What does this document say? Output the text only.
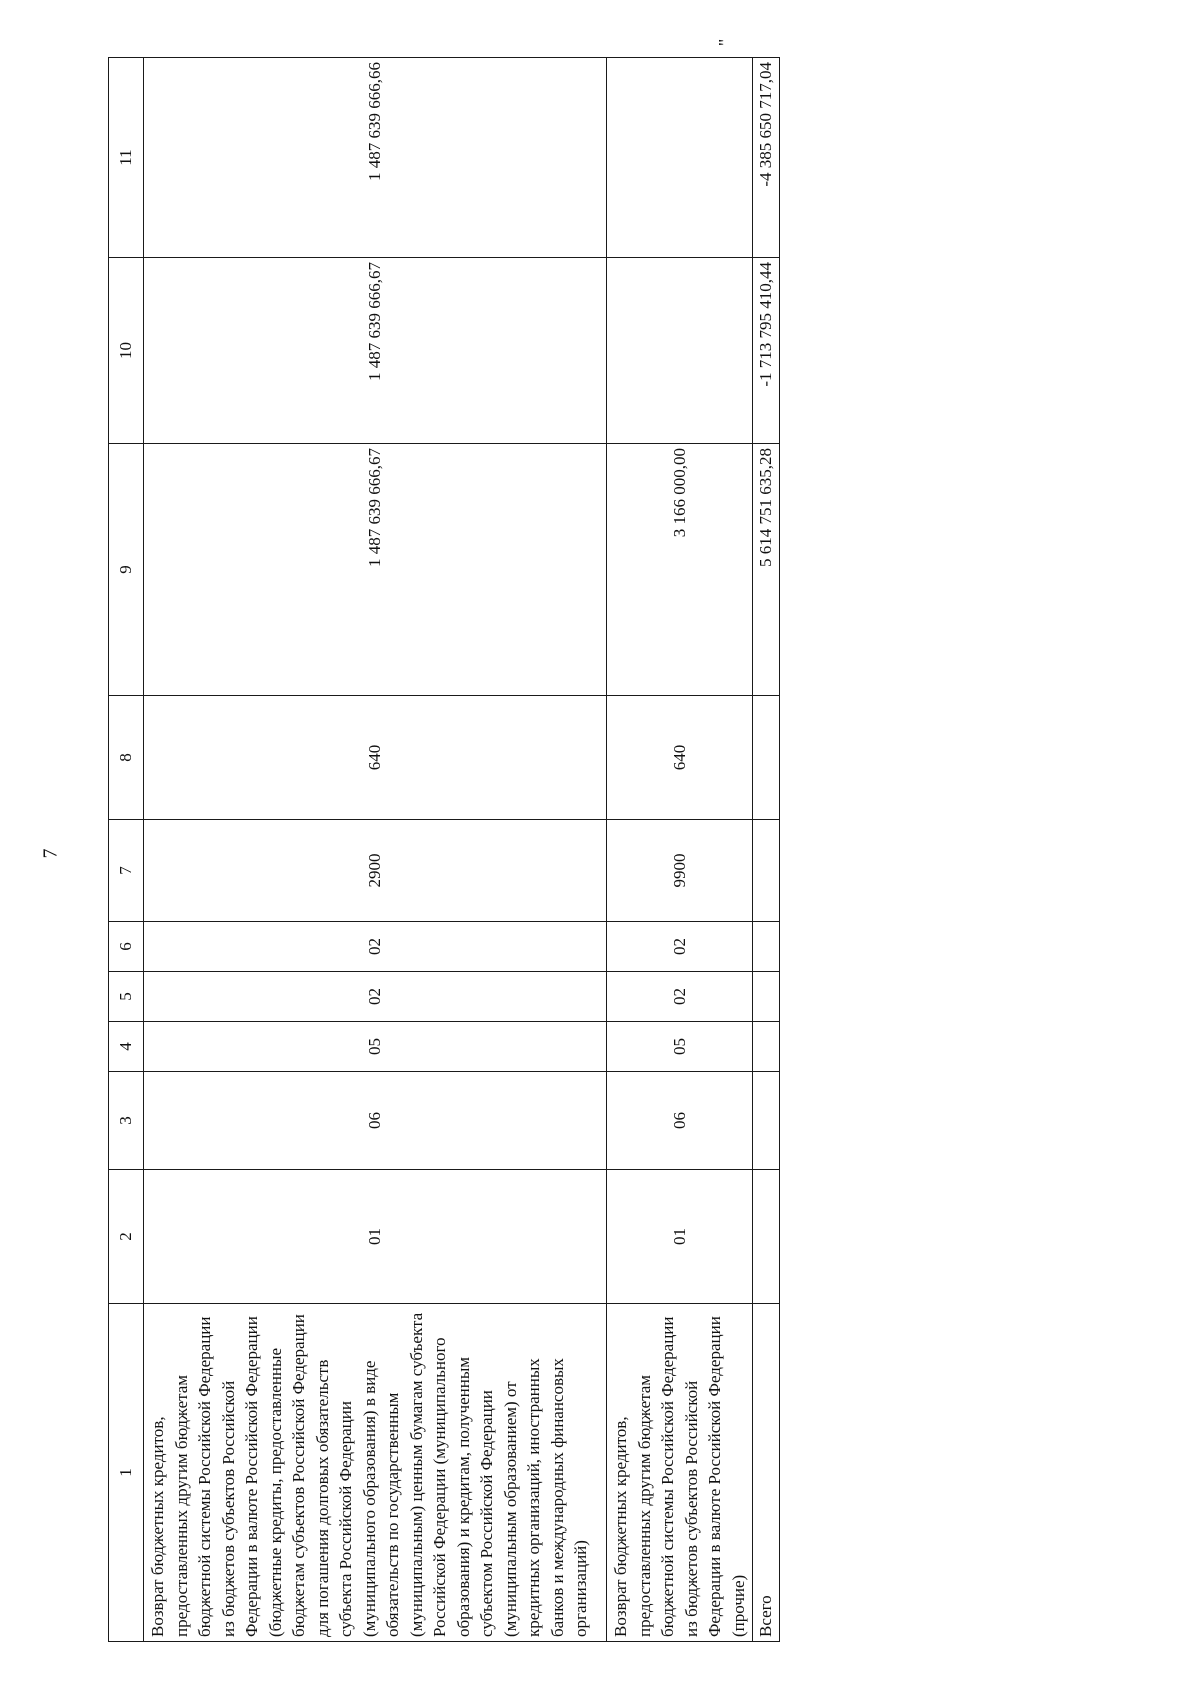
7
1	2	3	4	5	6	7	8	9	10	11
Возврат бюджетных кредитов, предоставленных другим бюджетам бюджетной системы Российской Федерации из бюджетов субъектов Российской Федерации в валюте Российской Федерации (бюджетные кредиты, предоставленные бюджетам субъектов Российской Федерации для погашения долговых обязательств субъекта Российской Федерации (муниципального образования) в виде обязательств по государственным (муниципальным) ценным бумагам субъекта Российской Федерации (муниципального образования) и кредитам, полученным субъектом Российской Федерации (муниципальным образованием) от кредитных организаций, иностранных банков и международных финансовых организаций)	01	06	05	02	02	2900	640	1 487 639 666,67	1 487 639 666,67	1 487 639 666,66
Возврат бюджетных кредитов, предоставленных другим бюджетам бюджетной системы Российской Федерации из бюджетов субъектов Российской Федерации в валюте Российской Федерации (прочие)	01	06	05	02	02	9900	640	3 166 000,00		
Всего								5 614 751 635,28	-1 713 795 410,44	-4 385 650 717,04
"
